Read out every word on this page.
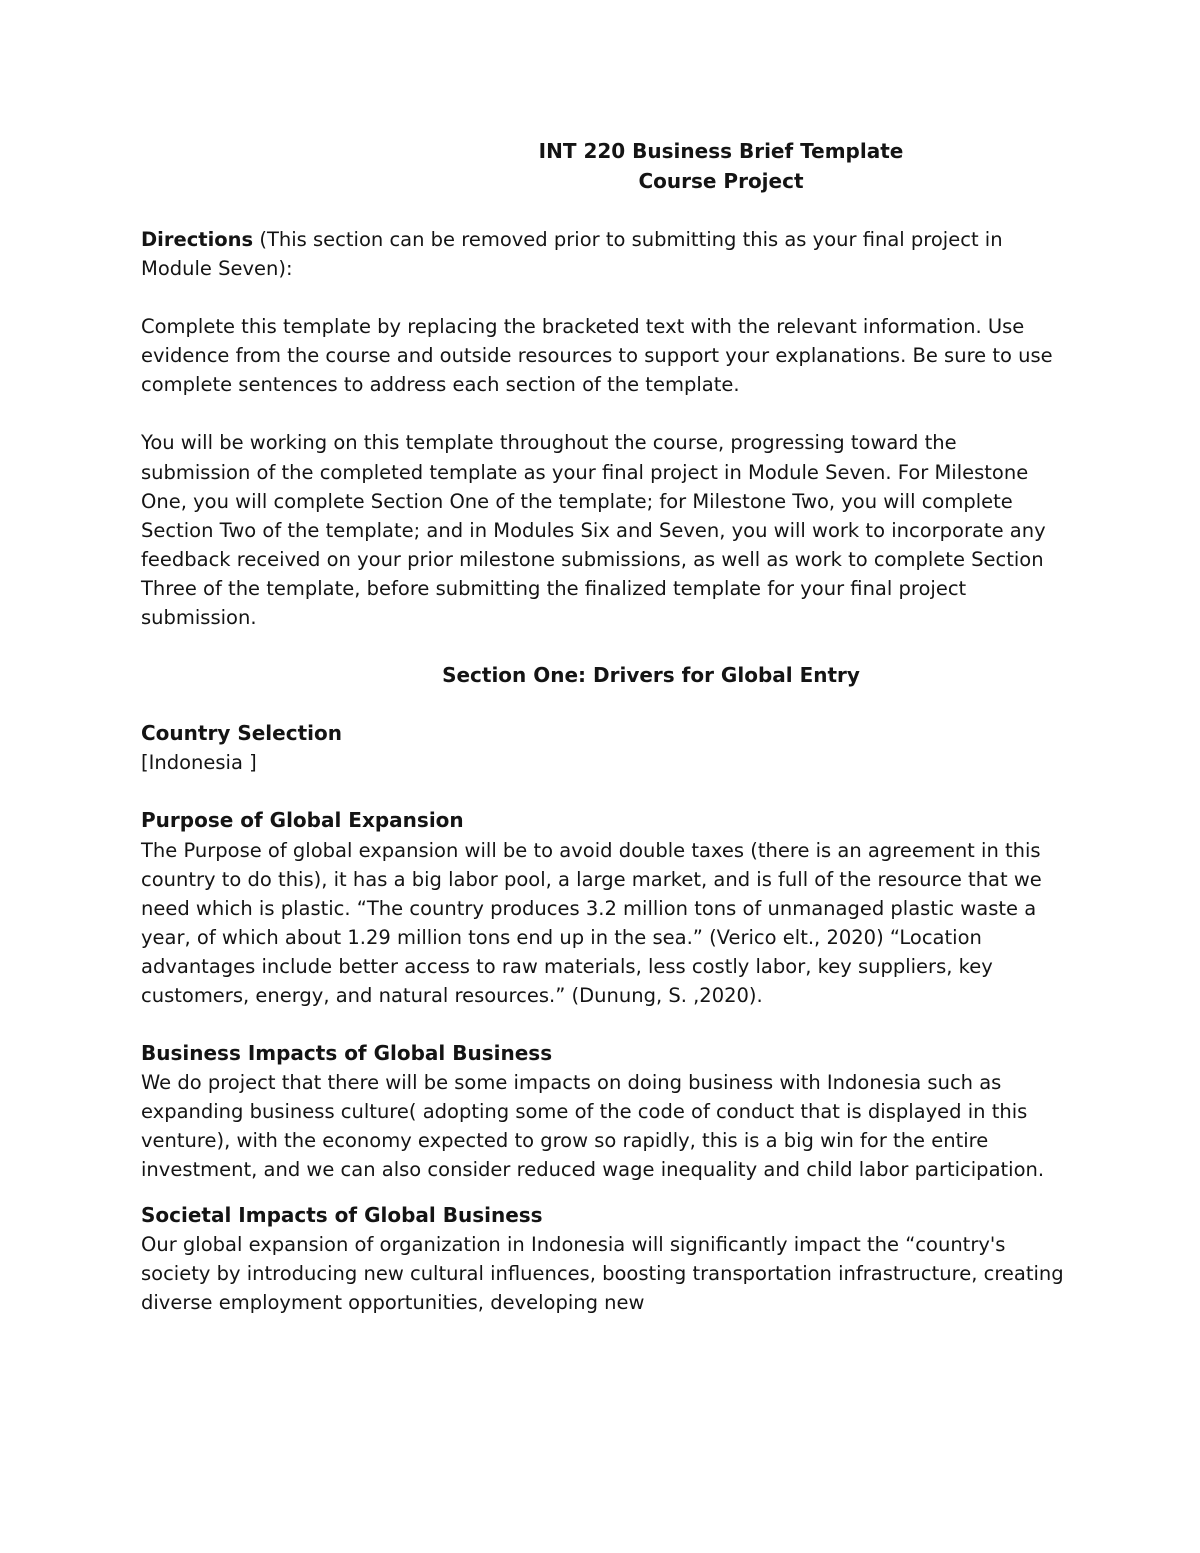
INT 220 Business Brief Template
Course Project

Directions (This section can be removed prior to submitting this as your final project in Module Seven):

Complete this template by replacing the bracketed text with the relevant information. Use evidence from the course and outside resources to support your explanations. Be sure to use complete sentences to address each section of the template.

You will be working on this template throughout the course, progressing toward the submission of the completed template as your final project in Module Seven. For Milestone One, you will complete Section One of the template; for Milestone Two, you will complete Section Two of the template; and in Modules Six and Seven, you will work to incorporate any feedback received on your prior milestone submissions, as well as work to complete Section Three of the template, before submitting the finalized template for your final project submission.

Section One: Drivers for Global Entry
Country Selection
[Indonesia ]
Purpose of Global Expansion

The Purpose of global expansion will be to avoid double taxes (there is an agreement in this country to do this), it has a big labor pool, a large market, and is full of the resource that we need which is plastic. “The country produces 3.2 million tons of unmanaged plastic waste a year, of which about 1.29 million tons end up in the sea.” (Verico elt., 2020) “Location advantages include better access to raw materials, less costly labor, key suppliers, key customers, energy, and natural resources.” (Dunung, S. ,2020).

Business Impacts of Global Business

We do project that there will be some impacts on doing business with Indonesia such as expanding business culture( adopting some of the code of conduct that is displayed in this venture), with the economy expected to grow so rapidly, this is a big win for the entire investment, and we can also consider reduced wage inequality and child labor participation.

Societal Impacts of Global Business

Our global expansion of organization in Indonesia will significantly impact the “country's society by introducing new cultural influences, boosting transportation infrastructure, creating diverse employment opportunities, developing new
